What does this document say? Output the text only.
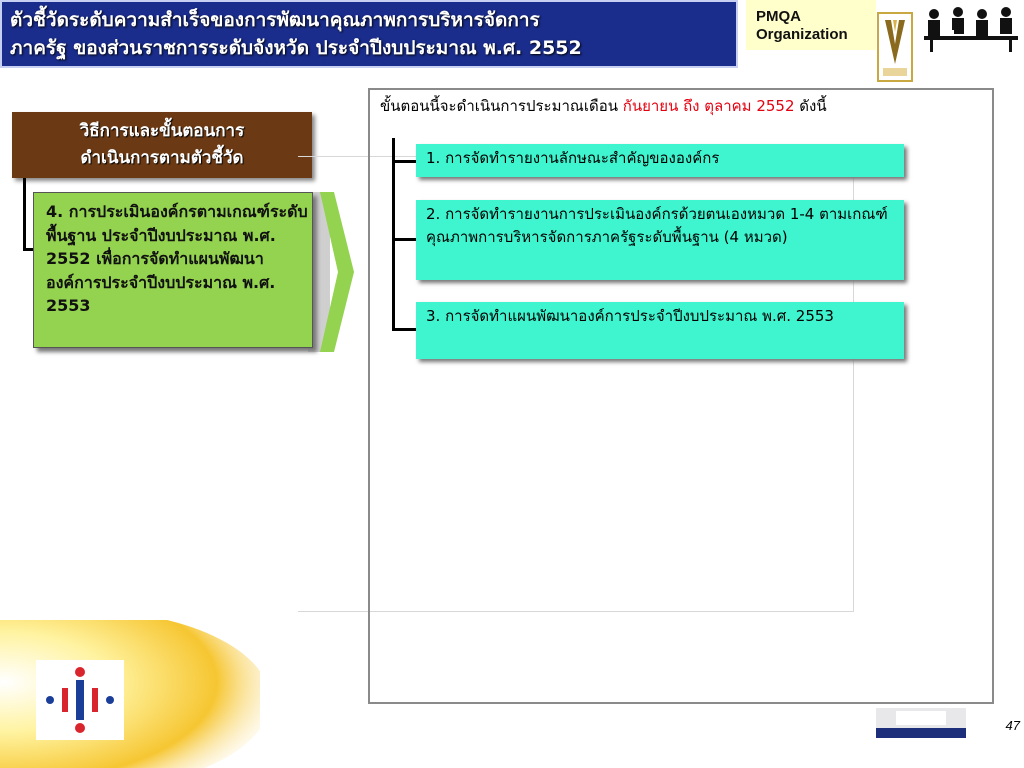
ตัวชี้วัดระดับความสำเร็จของการพัฒนาคุณภาพการบริหารจัดการ
ภาครัฐ ของส่วนราชการระดับจังหวัด ประจำปีงบประมาณ พ.ศ. 2552
PMQA
Organization
วิธีการและขั้นตอนการ
ดำเนินการตามตัวชี้วัด
4. การประเมินองค์กรตามเกณฑ์ระดับพื้นฐาน ประจำปีงบประมาณ พ.ศ. 2552 เพื่อการจัดทำแผนพัฒนาองค์การประจำปีงบประมาณ พ.ศ. 2553
ขั้นตอนนี้จะดำเนินการประมาณเดือน กันยายน ถึง ตุลาคม 2552 ดังนี้
1. การจัดทำรายงานลักษณะสำคัญขององค์กร
2. การจัดทำรายงานการประเมินองค์กรด้วยตนเองหมวด 1-4 ตามเกณฑ์คุณภาพการบริหารจัดการภาครัฐระดับพื้นฐาน (4 หมวด)
3. การจัดทำแผนพัฒนาองค์การประจำปีงบประมาณ พ.ศ. 2553
47
